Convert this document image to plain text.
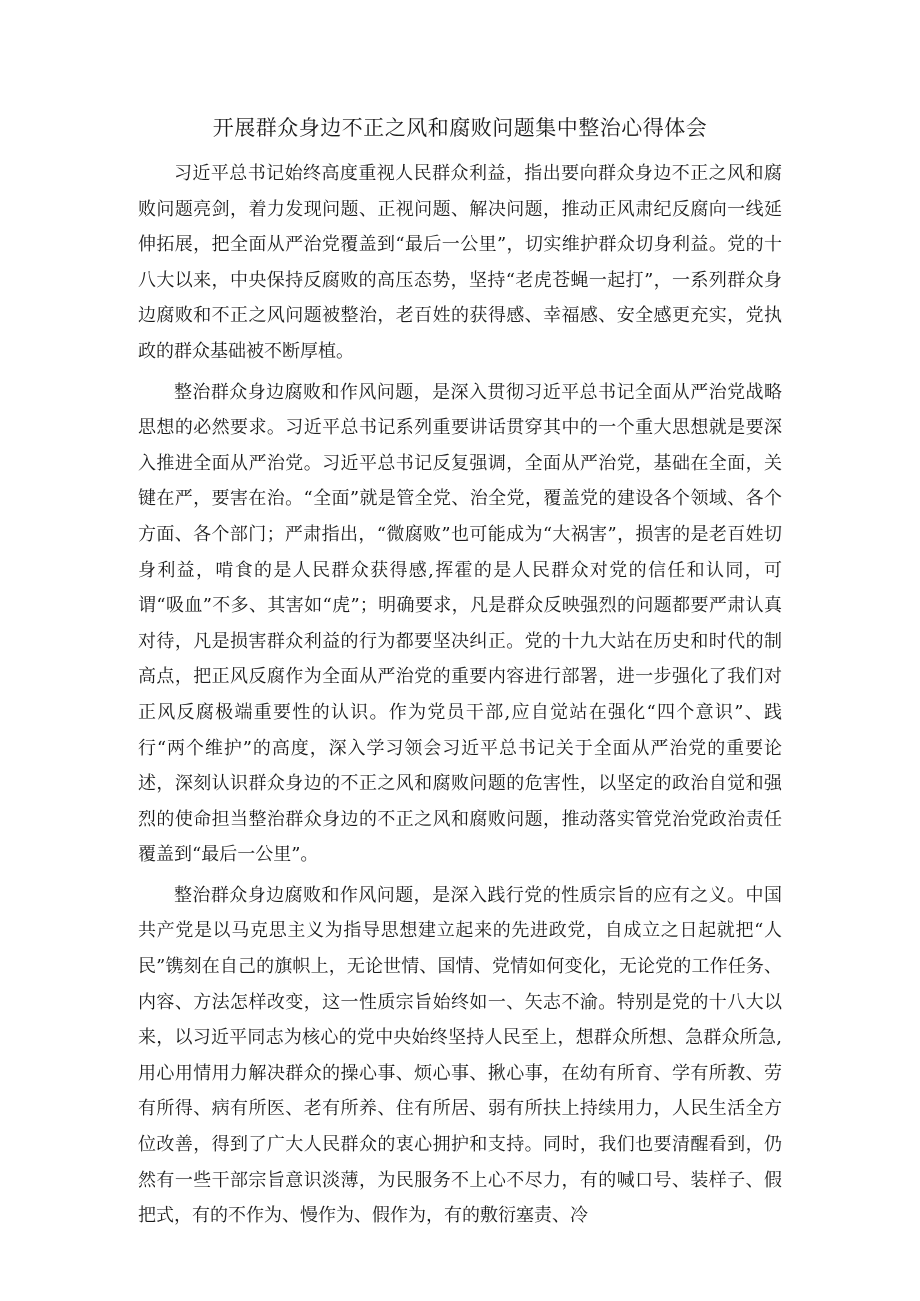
开展群众身边不正之风和腐败问题集中整治心得体会

习近平总书记始终高度重视人民群众利益，指出要向群众身边不正之风和腐败问题亮剑，着力发现问题、正视问题、解决问题，推动正风肃纪反腐向一线延伸拓展，把全面从严治党覆盖到“最后一公里”，切实维护群众切身利益。党的十八大以来，中央保持反腐败的高压态势，坚持“老虎苍蝇一起打”，一系列群众身边腐败和不正之风问题被整治，老百姓的获得感、幸福感、安全感更充实，党执政的群众基础被不断厚植。

整治群众身边腐败和作风问题，是深入贯彻习近平总书记全面从严治党战略思想的必然要求。习近平总书记系列重要讲话贯穿其中的一个重大思想就是要深入推进全面从严治党。习近平总书记反复强调，全面从严治党，基础在全面，关键在严，要害在治。“全面”就是管全党、治全党，覆盖党的建设各个领域、各个方面、各个部门；严肃指出，“微腐败”也可能成为“大祸害”，损害的是老百姓切身利益，啃食的是人民群众获得感,挥霍的是人民群众对党的信任和认同，可谓“吸血”不多、其害如“虎”；明确要求，凡是群众反映强烈的问题都要严肃认真对待，凡是损害群众利益的行为都要坚决纠正。党的十九大站在历史和时代的制高点，把正风反腐作为全面从严治党的重要内容进行部署，进一步强化了我们对正风反腐极端重要性的认识。作为党员干部,应自觉站在强化“四个意识”、践行“两个维护”的高度，深入学习领会习近平总书记关于全面从严治党的重要论述，深刻认识群众身边的不正之风和腐败问题的危害性，以坚定的政治自觉和强烈的使命担当整治群众身边的不正之风和腐败问题，推动落实管党治党政治责任覆盖到“最后一公里”。

整治群众身边腐败和作风问题，是深入践行党的性质宗旨的应有之义。中国共产党是以马克思主义为指导思想建立起来的先进政党，自成立之日起就把“人民”镌刻在自己的旗帜上，无论世情、国情、党情如何变化，无论党的工作任务、内容、方法怎样改变，这一性质宗旨始终如一、矢志不渝。特别是党的十八大以来，以习近平同志为核心的党中央始终坚持人民至上，想群众所想、急群众所急,用心用情用力解决群众的操心事、烦心事、揪心事，在幼有所育、学有所教、劳有所得、病有所医、老有所养、住有所居、弱有所扶上持续用力，人民生活全方位改善，得到了广大人民群众的衷心拥护和支持。同时，我们也要清醒看到，仍然有一些干部宗旨意识淡薄，为民服务不上心不尽力，有的喊口号、装样子、假把式，有的不作为、慢作为、假作为，有的敷衍塞责、冷
